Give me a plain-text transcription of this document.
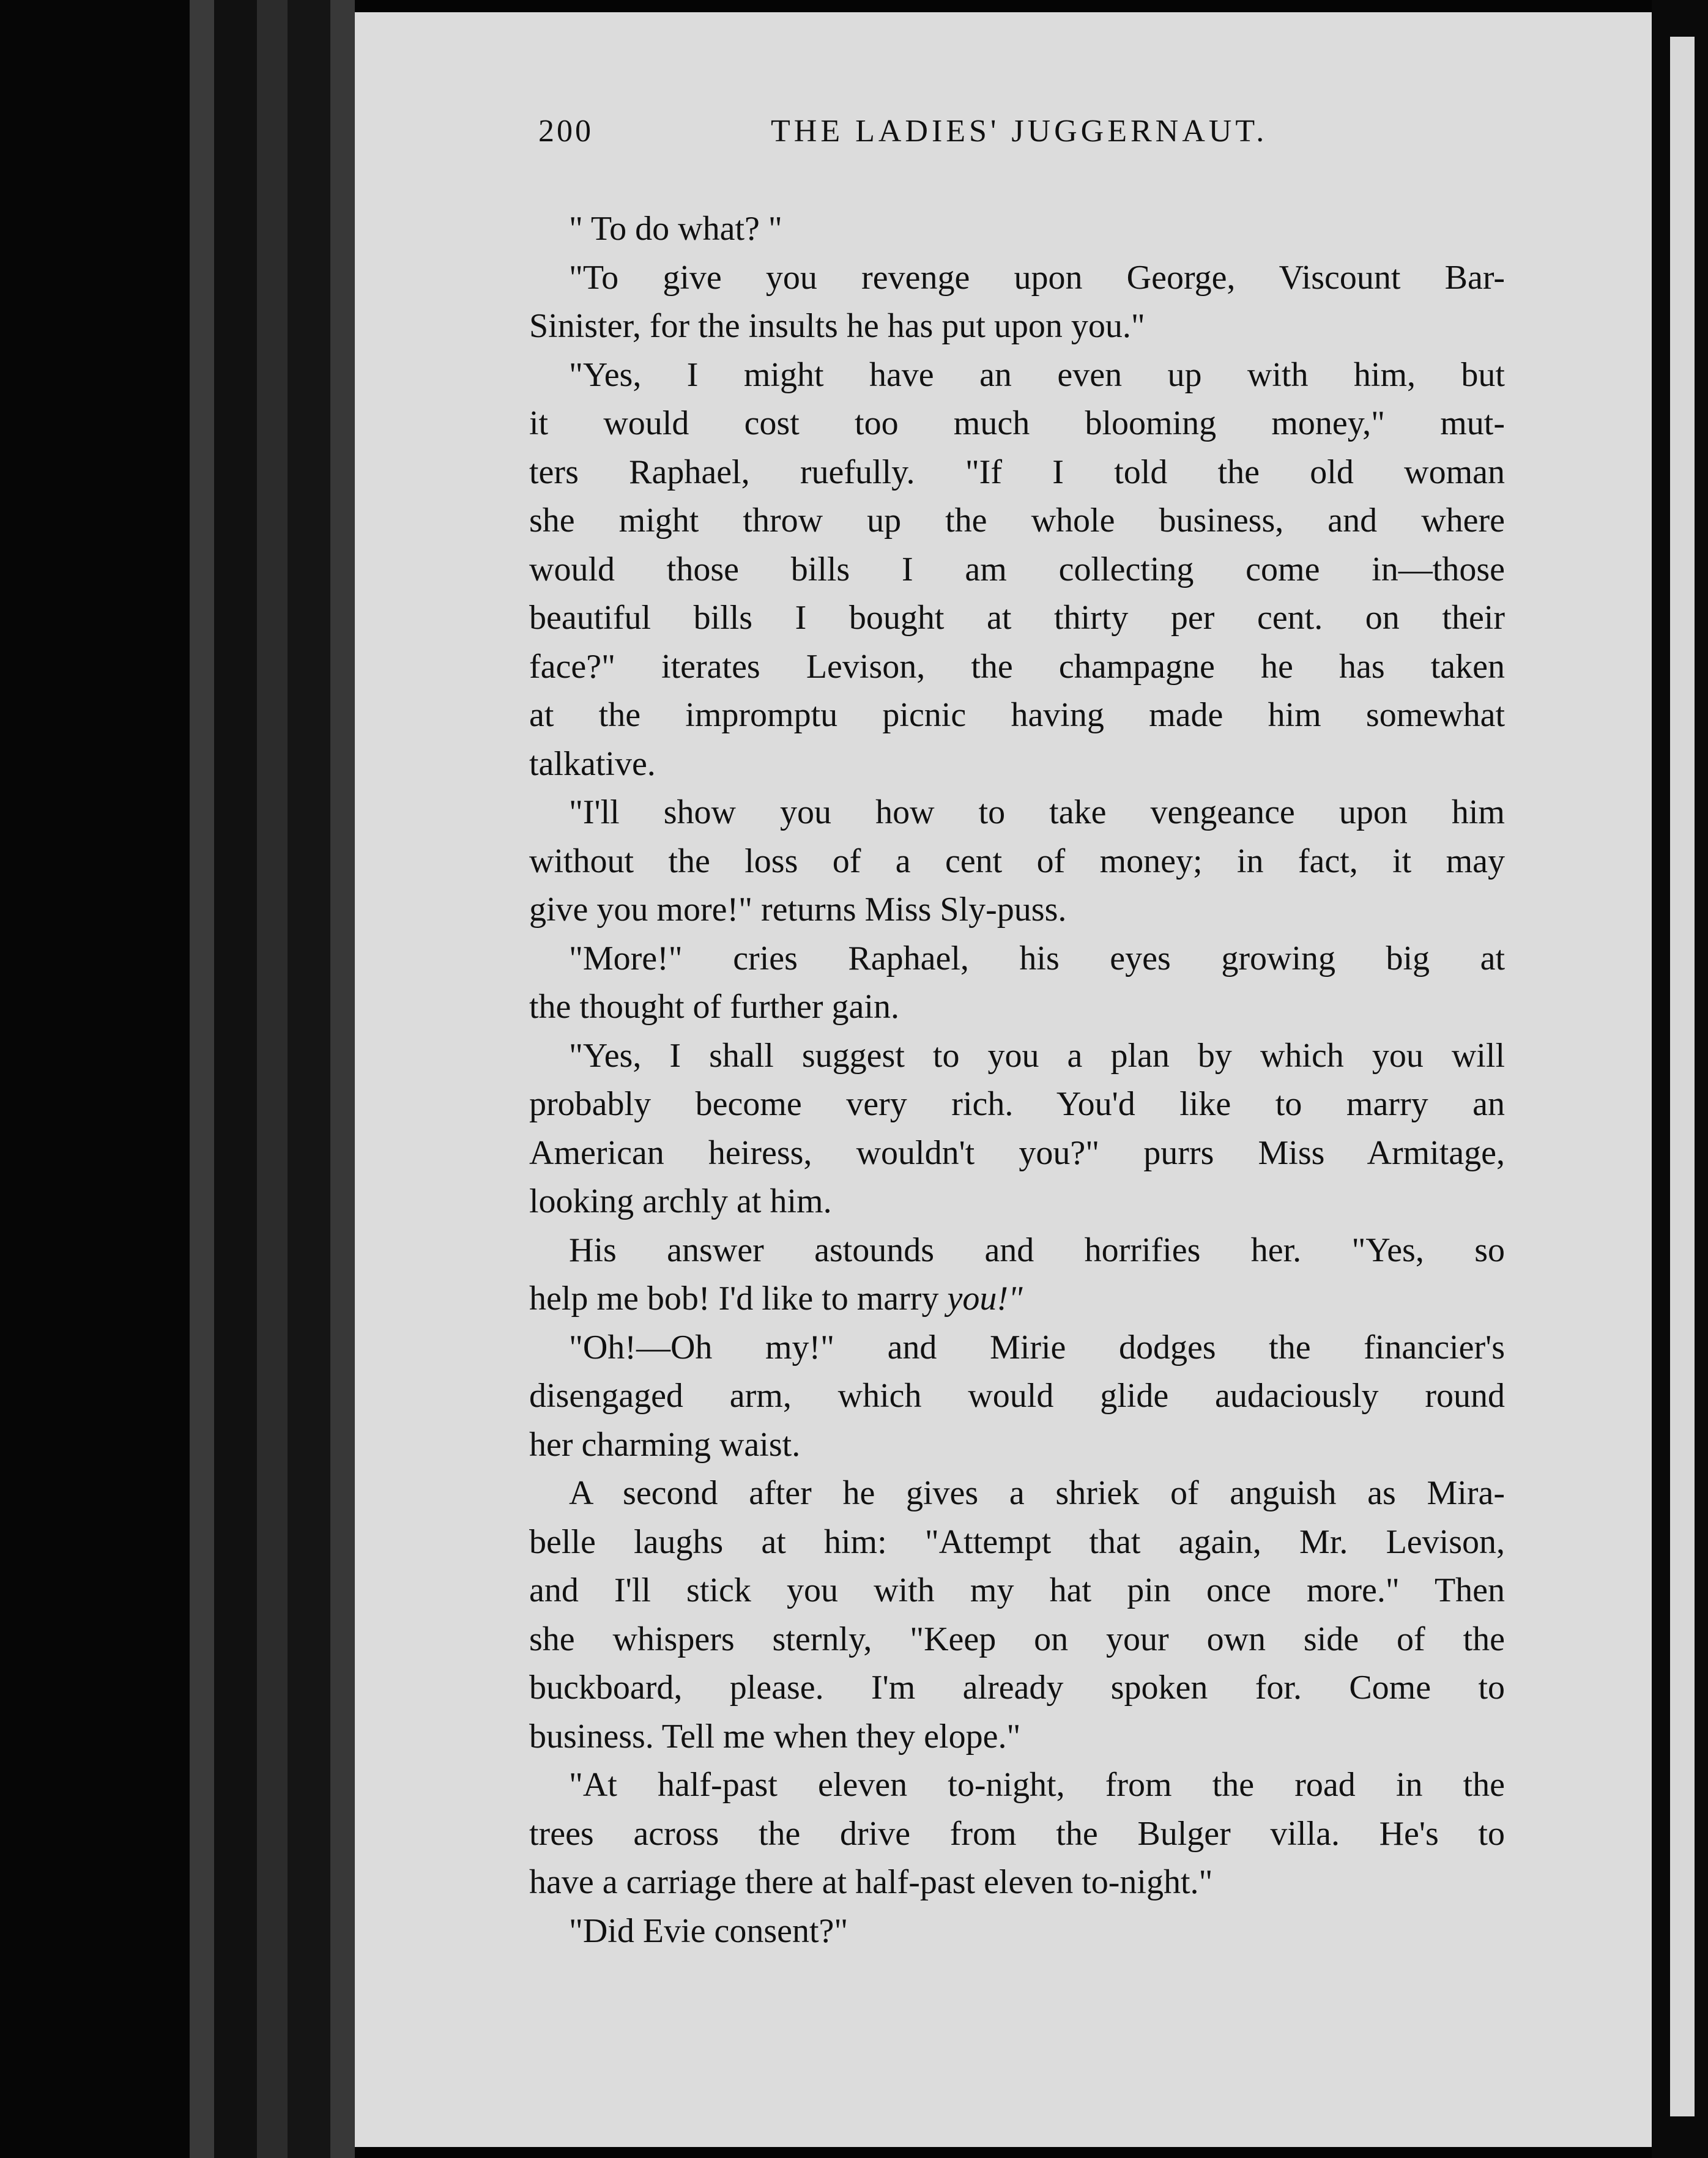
200	THE LADIES' JUGGERNAUT.
" To do what? "
"To give you revenge upon George, Viscount Bar-
Sinister, for the insults he has put upon you."
"Yes, I might have an even up with him, but
it would cost too much blooming money," mut-
ters Raphael, ruefully. "If I told the old woman
she might throw up the whole business, and where
would those bills I am collecting come in—those
beautiful bills I bought at thirty per cent. on their
face?" iterates Levison, the champagne he has taken
at the impromptu picnic having made him somewhat
talkative.
"I'll show you how to take vengeance upon him
without the loss of a cent of money; in fact, it may
give you more!" returns Miss Sly-puss.
"More!" cries Raphael, his eyes growing big at
the thought of further gain.
"Yes, I shall suggest to you a plan by which you will
probably become very rich. You'd like to marry an
American heiress, wouldn't you?" purrs Miss Armitage,
looking archly at him.
His answer astounds and horrifies her. "Yes, so
help me bob! I'd like to marry you!"
"Oh!—Oh my!" and Mirie dodges the financier's
disengaged arm, which would glide audaciously round
her charming waist.
A second after he gives a shriek of anguish as Mira-
belle laughs at him: "Attempt that again, Mr. Levison,
and I'll stick you with my hat pin once more." Then
she whispers sternly, "Keep on your own side of the
buckboard, please. I'm already spoken for. Come to
business. Tell me when they elope."
"At half-past eleven to-night, from the road in the
trees across the drive from the Bulger villa. He's to
have a carriage there at half-past eleven to-night."
"Did Evie consent?"
